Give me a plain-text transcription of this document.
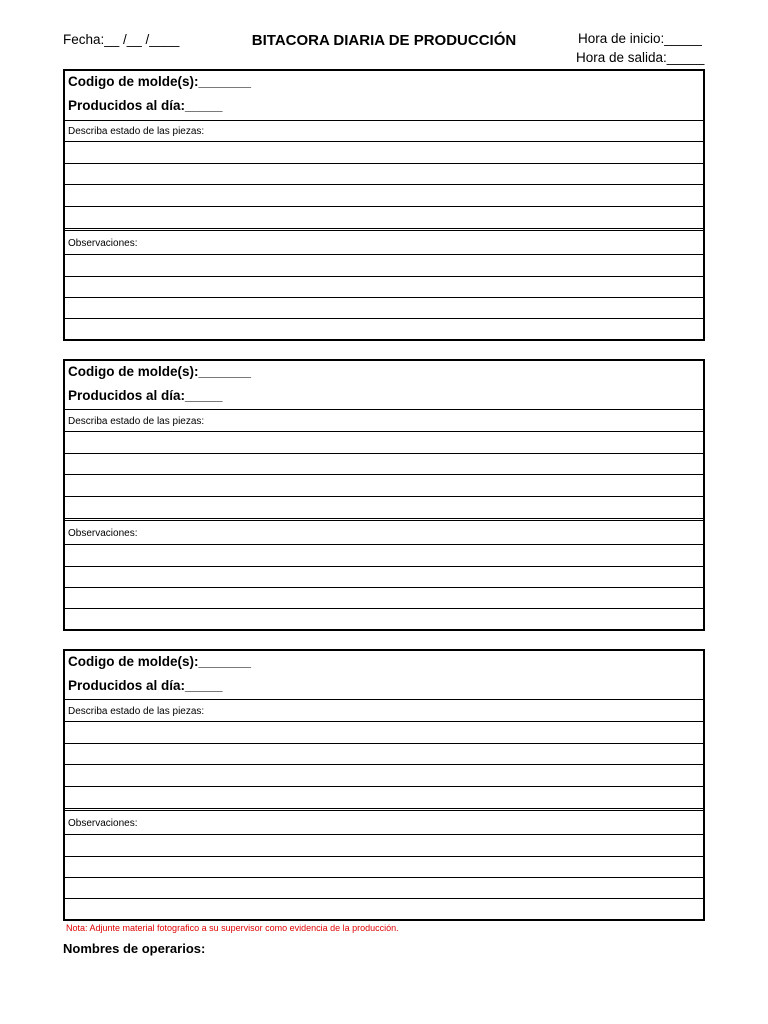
Fecha:__ /__ /____	BITACORA DIARIA DE PRODUCCIÓN	Hora de inicio:_____
Hora de salida:_____
Codigo de molde(s):_______
Producidos al día:_____
Describa estado de las piezas:
Observaciones:
Codigo de molde(s):_______
Producidos al día:_____
Describa estado de las piezas:
Observaciones:
Codigo de molde(s):_______
Producidos al día:_____
Describa estado de las piezas:
Observaciones:
Nota: Adjunte material fotografico a su supervisor como evidencia de la producción.
Nombres de operarios:
